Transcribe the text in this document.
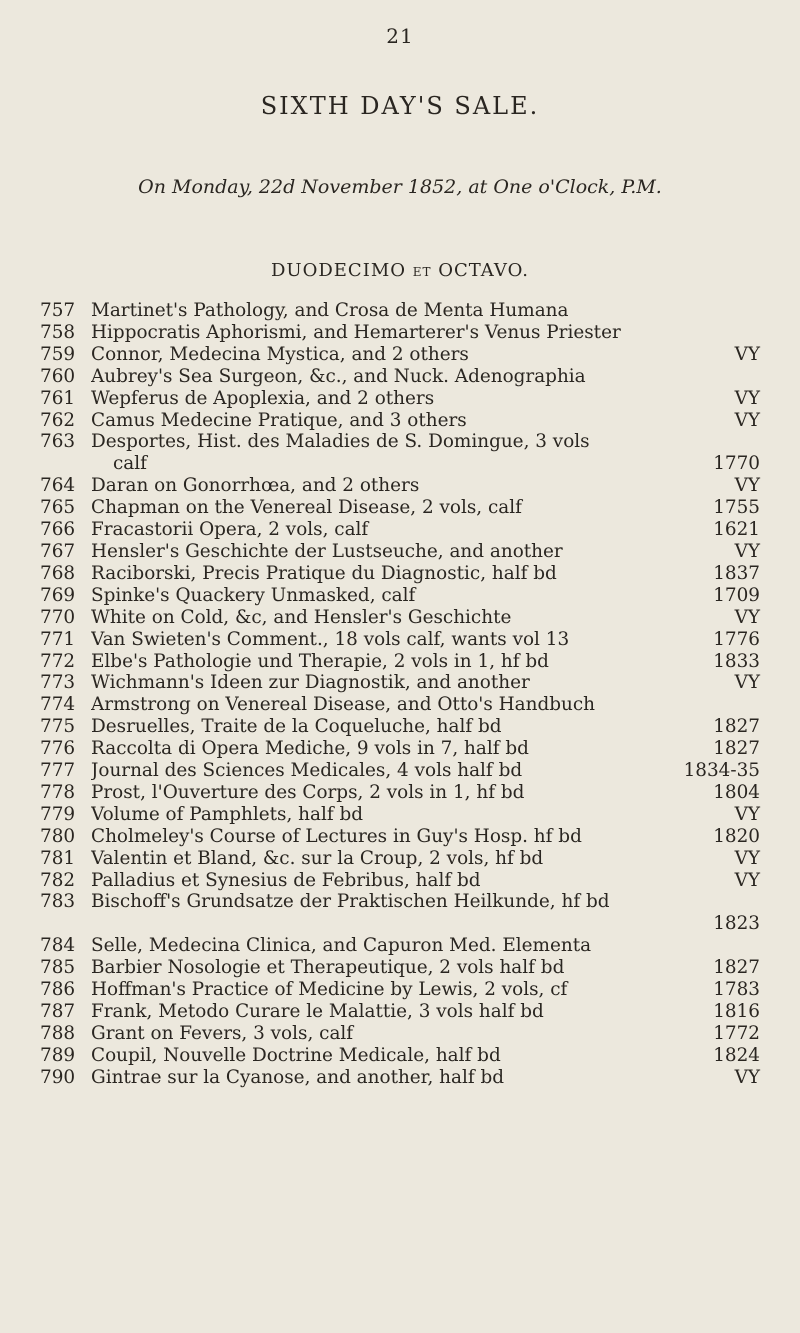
21
SIXTH DAY'S SALE.
On Monday, 22d November 1852, at One o'Clock, P.M.
DUODECIMO ET OCTAVO.
757 Martinet's Pathology, and Crosa de Menta Humana
758 Hippocratis Aphorismi, and Hemarterer's Venus Priester
759 Connor, Medecina Mystica, and 2 others	VY
760 Aubrey's Sea Surgeon, &c., and Nuck. Adenographia
761 Wepferus de Apoplexia, and 2 others	VY
762 Camus Medecine Pratique, and 3 others	VY
763 Desportes, Hist. des Maladies de S. Domingue, 3 vols
calf	1770
764 Daran on Gonorrhœa, and 2 others	VY
765 Chapman on the Venereal Disease, 2 vols, calf	1755
766 Fracastorii Opera, 2 vols, calf	1621
767 Hensler's Geschichte der Lustseuche, and another	VY
768 Raciborski, Precis Pratique du Diagnostic, half bd	1837
769 Spinke's Quackery Unmasked, calf	1709
770 White on Cold, &c, and Hensler's Geschichte	VY
771 Van Swieten's Comment., 18 vols calf, wants vol 13	1776
772 Elbe's Pathologie und Therapie, 2 vols in 1, hf bd	1833
773 Wichmann's Ideen zur Diagnostik, and another	VY
774 Armstrong on Venereal Disease, and Otto's Handbuch
775 Desruelles, Traite de la Coqueluche, half bd	1827
776 Raccolta di Opera Mediche, 9 vols in 7, half bd	1827
777 Journal des Sciences Medicales, 4 vols half bd	1834-35
778 Prost, l'Ouverture des Corps, 2 vols in 1, hf bd	1804
779 Volume of Pamphlets, half bd	VY
780 Cholmeley's Course of Lectures in Guy's Hosp. hf bd	1820
781 Valentin et Bland, &c. sur la Croup, 2 vols, hf bd	VY
782 Palladius et Synesius de Febribus, half bd	VY
783 Bischoff's Grundsatze der Praktischen Heilkunde, hf bd
1823
784 Selle, Medecina Clinica, and Capuron Med. Elementa
785 Barbier Nosologie et Therapeutique, 2 vols half bd	1827
786 Hoffman's Practice of Medicine by Lewis, 2 vols, cf	1783
787 Frank, Metodo Curare le Malattie, 3 vols half bd	1816
788 Grant on Fevers, 3 vols, calf	1772
789 Coupil, Nouvelle Doctrine Medicale, half bd	1824
790 Gintrae sur la Cyanose, and another, half bd	VY
